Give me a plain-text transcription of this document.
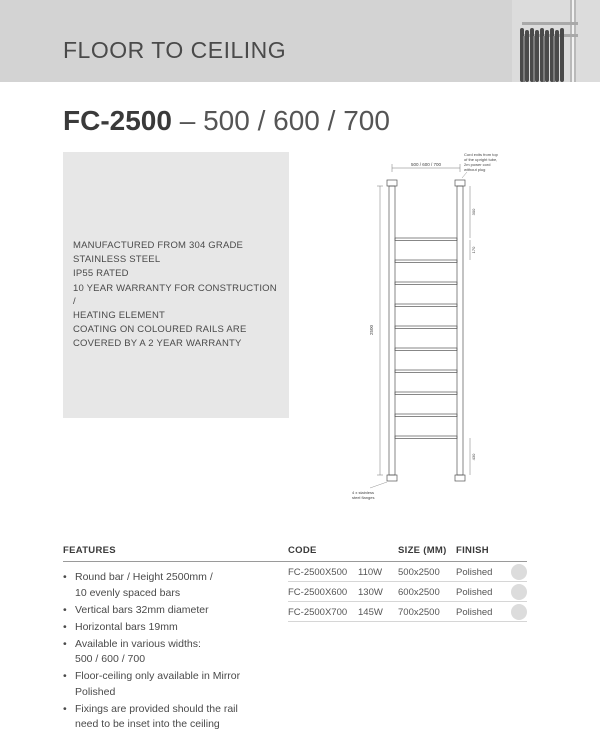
FLOOR TO CEILING
FC-2500 – 500 / 600 / 700
MANUFACTURED FROM 304 GRADE
STAINLESS STEEL
IP55 RATED
10 YEAR WARRANTY FOR CONSTRUCTION /
HEATING ELEMENT
COATING ON COLOURED RAILS ARE
COVERED BY A 2 YEAR WARRANTY
500 / 600 / 700
Cord exits from top
of the upright tube,
2m power cord
without plug
2500
300
170
430
4 x stainless
steel flanges
FEATURES	CODE	SIZE (MM) FINISH
• Round bar / Height 2500mm /
10 evenly spaced bars
• Vertical bars 32mm diameter
• Horizontal bars 19mm
• Available in various widths:
500 / 600 / 700
• Floor-ceiling only available in Mirror
Polished
• Fixings are provided should the rail
need to be inset into the ceiling
FC-2500X500 110W 500x2500 Polished
FC-2500X600 130W 600x2500 Polished
FC-2500X700 145W 700x2500 Polished
